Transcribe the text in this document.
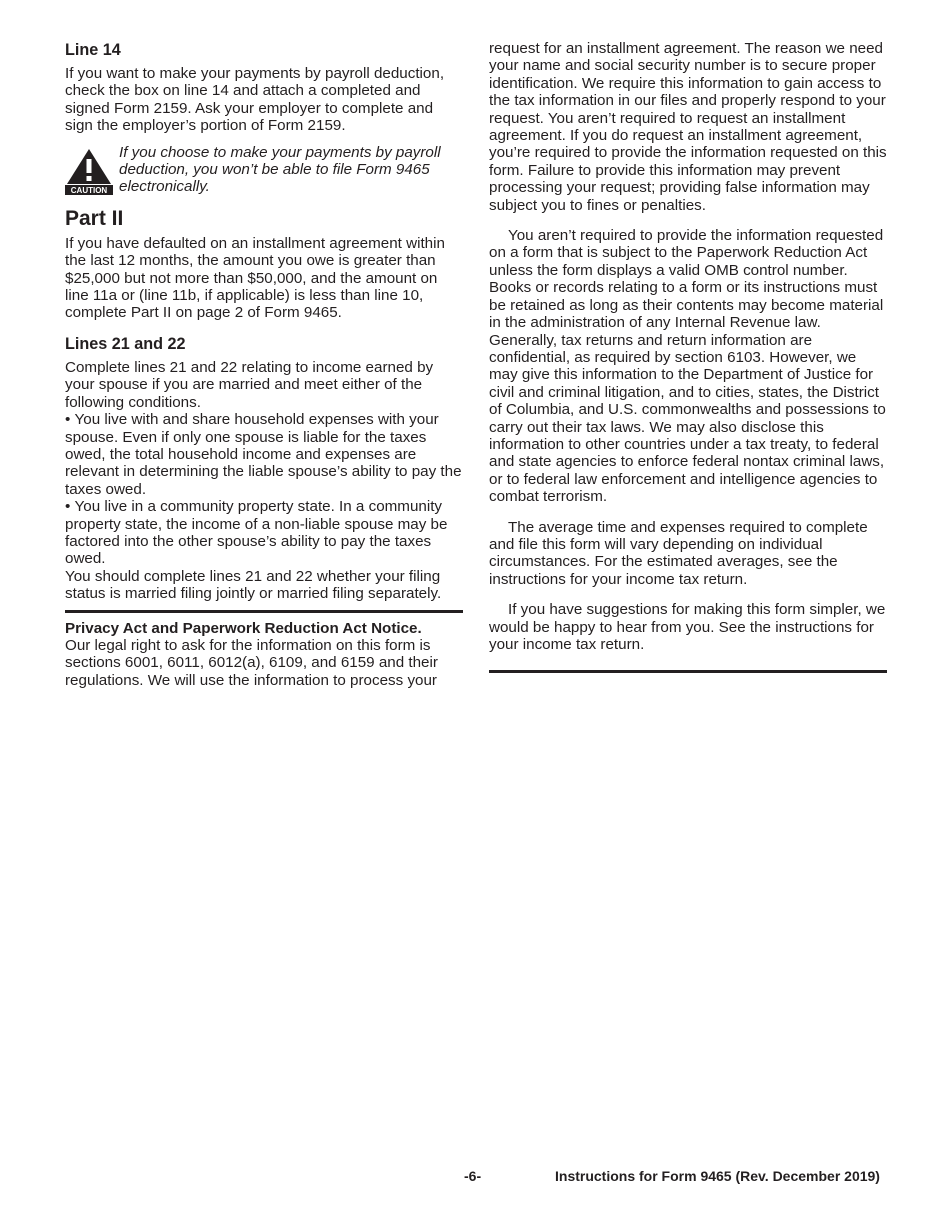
Line 14

If you want to make your payments by payroll deduction, check the box on line 14 and attach a completed and signed Form 2159. Ask your employer to complete and sign the employer’s portion of Form 2159.

CAUTION

If you choose to make your payments by payroll deduction, you won’t be able to file Form 9465 electronically.

Part II

If you have defaulted on an installment agreement within the last 12 months, the amount you owe is greater than $25,000 but not more than $50,000, and the amount on line 11a or (line 11b, if applicable) is less than line 10, complete Part II on page 2 of Form 9465.

Lines 21 and 22

Complete lines 21 and 22 relating to income earned by your spouse if you are married and meet either of the following conditions.

• You live with and share household expenses with your spouse. Even if only one spouse is liable for the taxes owed, the total household income and expenses are relevant in determining the liable spouse’s ability to pay the taxes owed.

• You live in a community property state. In a community property state, the income of a non-liable spouse may be factored into the other spouse’s ability to pay the taxes owed.

You should complete lines 21 and 22 whether your filing status is married filing jointly or married filing separately.

Privacy Act and Paperwork Reduction Act Notice.

Our legal right to ask for the information on this form is sections 6001, 6011, 6012(a), 6109, and 6159 and their regulations. We will use the information to process your

request for an installment agreement. The reason we need your name and social security number is to secure proper identification. We require this information to gain access to the tax information in our files and properly respond to your request. You aren’t required to request an installment agreement. If you do request an installment agreement, you’re required to provide the information requested on this form. Failure to provide this information may prevent processing your request; providing false information may subject you to fines or penalties.

You aren’t required to provide the information requested on a form that is subject to the Paperwork Reduction Act unless the form displays a valid OMB control number. Books or records relating to a form or its instructions must be retained as long as their contents may become material in the administration of any Internal Revenue law. Generally, tax returns and return information are confidential, as required by section 6103. However, we may give this information to the Department of Justice for civil and criminal litigation, and to cities, states, the District of Columbia, and U.S. commonwealths and possessions to carry out their tax laws. We may also disclose this information to other countries under a tax treaty, to federal and state agencies to enforce federal nontax criminal laws, or to federal law enforcement and intelligence agencies to combat terrorism.

The average time and expenses required to complete and file this form will vary depending on individual circumstances. For the estimated averages, see the instructions for your income tax return.

If you have suggestions for making this form simpler, we would be happy to hear from you. See the instructions for your income tax return.

-6-	Instructions for Form 9465 (Rev. December 2019)
